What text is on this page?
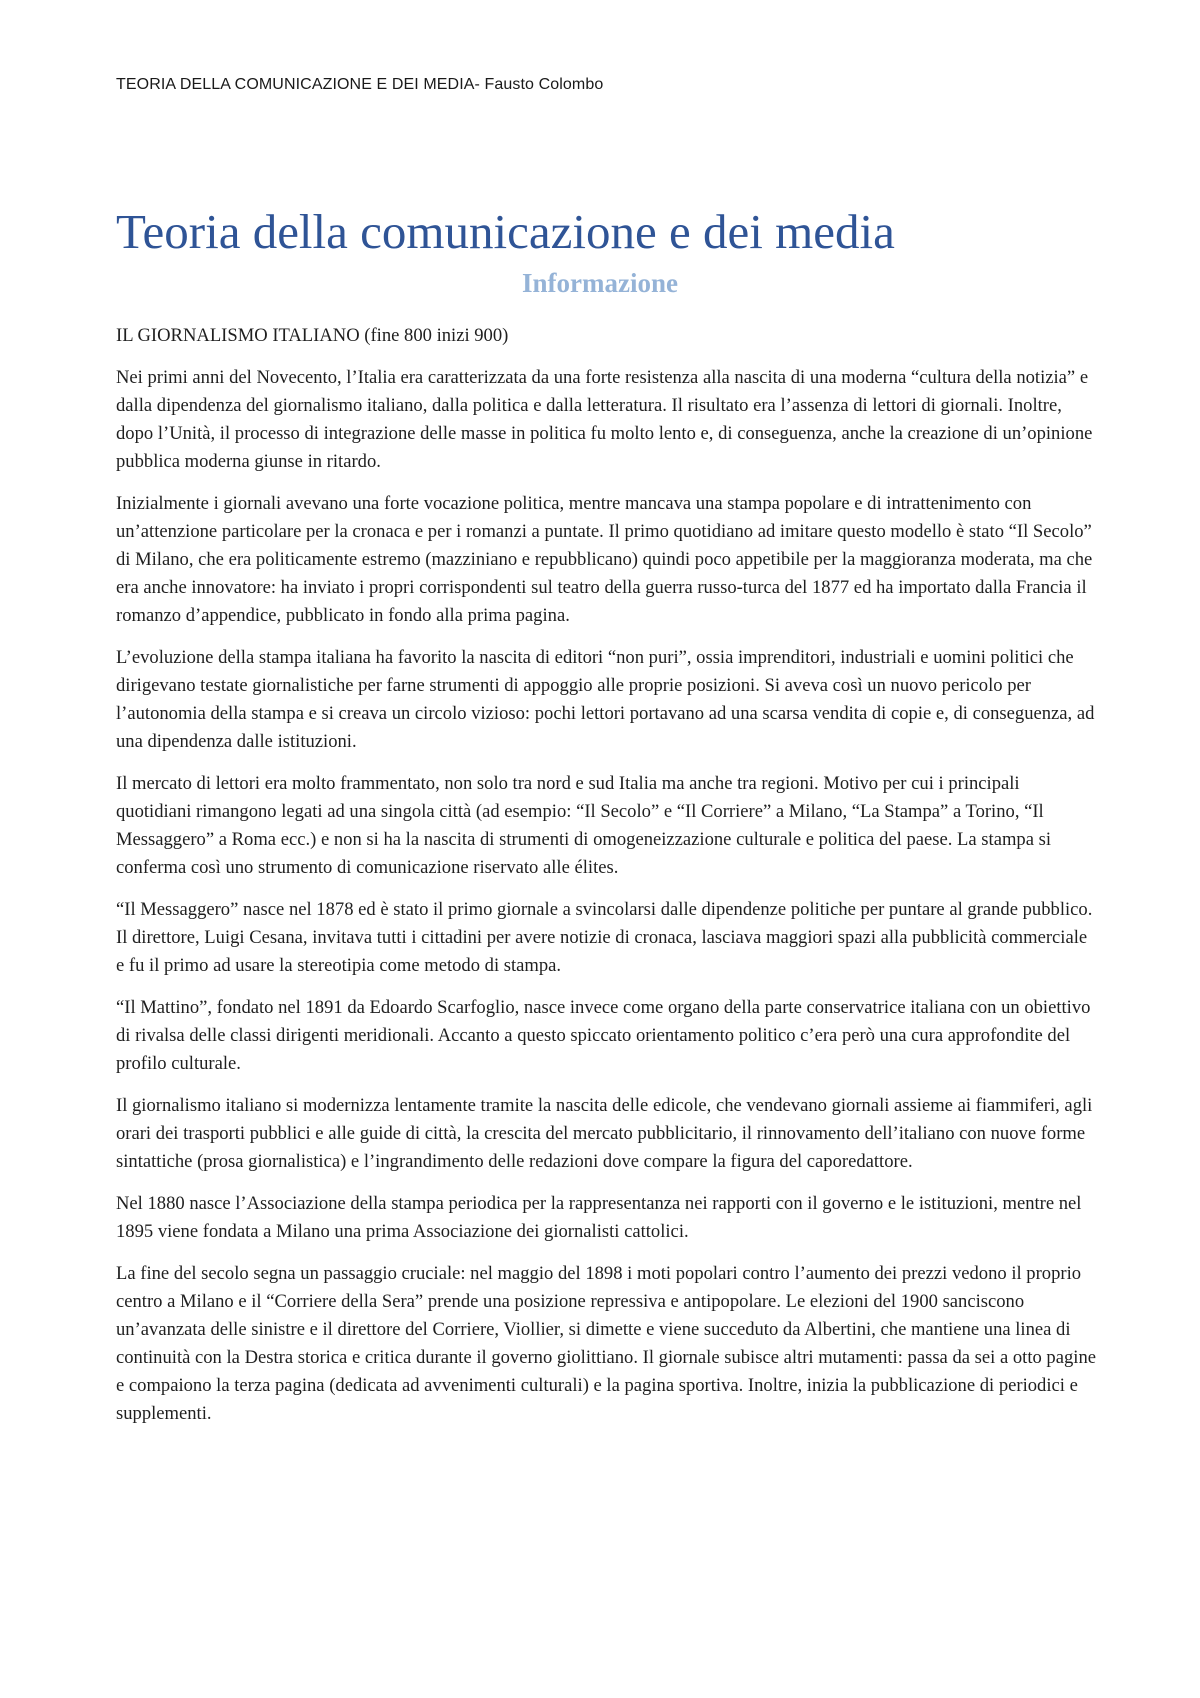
TEORIA DELLA COMUNICAZIONE E DEI MEDIA- Fausto Colombo
Teoria della comunicazione e dei media
Informazione

IL GIORNALISMO ITALIANO (fine 800 inizi 900)

Nei primi anni del Novecento, l’Italia era caratterizzata da una forte resistenza alla nascita di una moderna “cultura della notizia” e dalla dipendenza del giornalismo italiano, dalla politica e dalla letteratura. Il risultato era l’assenza di lettori di giornali. Inoltre, dopo l’Unità, il processo di integrazione delle masse in politica fu molto lento e, di conseguenza, anche la creazione di un’opinione pubblica moderna giunse in ritardo.

Inizialmente i giornali avevano una forte vocazione politica, mentre mancava una stampa popolare e di intrattenimento con un’attenzione particolare per la cronaca e per i romanzi a puntate. Il primo quotidiano ad imitare questo modello è stato “Il Secolo” di Milano, che era politicamente estremo (mazziniano e repubblicano) quindi poco appetibile per la maggioranza moderata, ma che era anche innovatore: ha inviato i propri corrispondenti sul teatro della guerra russo-turca del 1877 ed ha importato dalla Francia il romanzo d’appendice, pubblicato in fondo alla prima pagina.

L’evoluzione della stampa italiana ha favorito la nascita di editori “non puri”, ossia imprenditori, industriali e uomini politici che dirigevano testate giornalistiche per farne strumenti di appoggio alle proprie posizioni. Si aveva così un nuovo pericolo per l’autonomia della stampa e si creava un circolo vizioso: pochi lettori portavano ad una scarsa vendita di copie e, di conseguenza, ad una dipendenza dalle istituzioni.

Il mercato di lettori era molto frammentato, non solo tra nord e sud Italia ma anche tra regioni. Motivo per cui i principali quotidiani rimangono legati ad una singola città (ad esempio: “Il Secolo” e “Il Corriere” a Milano, “La Stampa” a Torino, “Il Messaggero” a Roma ecc.) e non si ha la nascita di strumenti di omogeneizzazione culturale e politica del paese. La stampa si conferma così uno strumento di comunicazione riservato alle élites.

“Il Messaggero” nasce nel 1878 ed è stato il primo giornale a svincolarsi dalle dipendenze politiche per puntare al grande pubblico. Il direttore, Luigi Cesana, invitava tutti i cittadini per avere notizie di cronaca, lasciava maggiori spazi alla pubblicità commerciale e fu il primo ad usare la stereotipia come metodo di stampa.

“Il Mattino”, fondato nel 1891 da Edoardo Scarfoglio, nasce invece come organo della parte conservatrice italiana con un obiettivo di rivalsa delle classi dirigenti meridionali. Accanto a questo spiccato orientamento politico c’era però una cura approfondite del profilo culturale.

Il giornalismo italiano si modernizza lentamente tramite la nascita delle edicole, che vendevano giornali assieme ai fiammiferi, agli orari dei trasporti pubblici e alle guide di città, la crescita del mercato pubblicitario, il rinnovamento dell’italiano con nuove forme sintattiche (prosa giornalistica) e l’ingrandimento delle redazioni dove compare la figura del caporedattore.

Nel 1880 nasce l’Associazione della stampa periodica per la rappresentanza nei rapporti con il governo e le istituzioni, mentre nel 1895 viene fondata a Milano una prima Associazione dei giornalisti cattolici.

La fine del secolo segna un passaggio cruciale: nel maggio del 1898 i moti popolari contro l’aumento dei prezzi vedono il proprio centro a Milano e il “Corriere della Sera” prende una posizione repressiva e antipopolare. Le elezioni del 1900 sanciscono un’avanzata delle sinistre e il direttore del Corriere, Viollier, si dimette e viene succeduto da Albertini, che mantiene una linea di continuità con la Destra storica e critica durante il governo giolittiano. Il giornale subisce altri mutamenti: passa da sei a otto pagine e compaiono la terza pagina (dedicata ad avvenimenti culturali) e la pagina sportiva. Inoltre, inizia la pubblicazione di periodici e supplementi.
